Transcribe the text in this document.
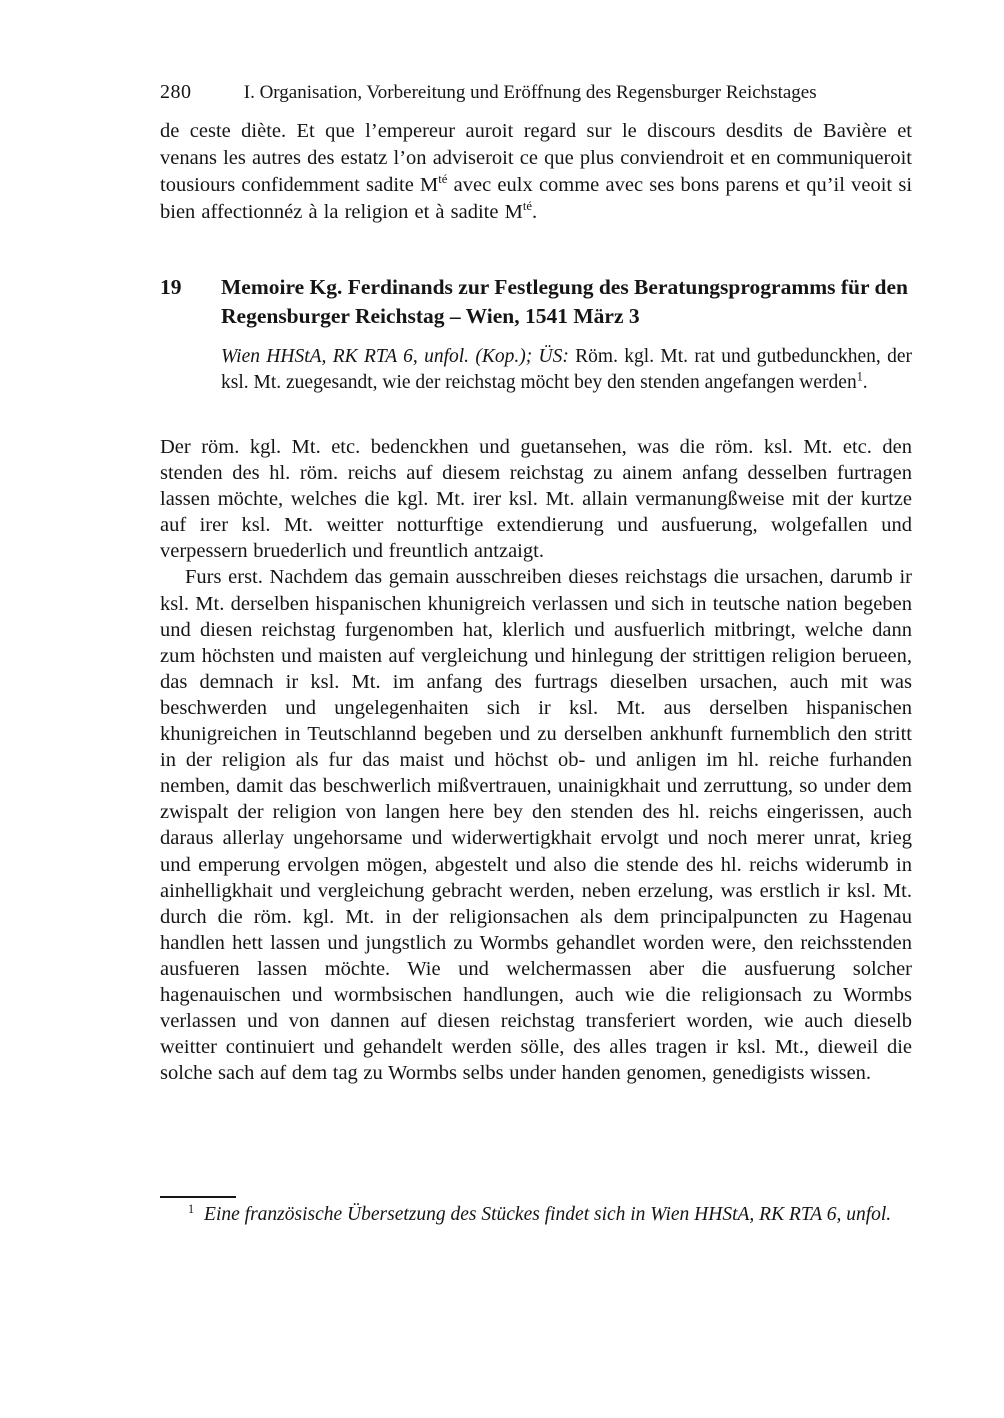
280	I. Organisation, Vorbereitung und Eröffnung des Regensburger Reichstages

de ceste diète. Et que l’empereur auroit regard sur le discours desdits de Bavière et venans les autres des estatz l’on adviseroit ce que plus conviendroit et en communiqueroit tousiours confidemment sadite $M^{té}$ avec eulx comme avec ses bons parens et qu’il veoit si bien affectionnéz à la religion et à sadite $M^{té}$.

19	Memoire Kg. Ferdinands zur Festlegung des Beratungsprogramms für den Regensburger Reichstag – Wien, 1541 März 3

Wien HHStA, RK RTA 6, unfol. (Kop.); ÜS: Röm. kgl. Mt. rat und gutbedunckhen, der ksl. Mt. zuegesandt, wie der reichstag möcht bey den stenden angefangen werden$^1$.

Der röm. kgl. Mt. etc. bedenckhen und guetansehen, was die röm. ksl. Mt. etc. den stenden des hl. röm. reichs auf diesem reichstag zu ainem anfang desselben furtragen lassen möchte, welches die kgl. Mt. irer ksl. Mt. allain vermanungßweise mit der kurtze auf irer ksl. Mt. weitter notturftige extendierung und ausfuerung, wolgefallen und verpessern bruederlich und freuntlich antzaigt.

Furs erst. Nachdem das gemain ausschreiben dieses reichstags die ursachen, darumb ir ksl. Mt. derselben hispanischen khunigreich verlassen und sich in teutsche nation begeben und diesen reichstag furgenomben hat, klerlich und ausfuerlich mitbringt, welche dann zum höchsten und maisten auf vergleichung und hinlegung der strittigen religion berueen, das demnach ir ksl. Mt. im anfang des furtrags dieselben ursachen, auch mit was beschwerden und ungelegenhaiten sich ir ksl. Mt. aus derselben hispanischen khunigreichen in Teutschlannd begeben und zu derselben ankhunft furnemblich den stritt in der religion als fur das maist und höchst ob- und anligen im hl. reiche furhanden nemben, damit das beschwerlich mißvertrauen, unainigkhait und zerruttung, so under dem zwispalt der religion von langen here bey den stenden des hl. reichs eingerissen, auch daraus allerlay ungehorsame und widerwertigkhait ervolgt und noch merer unrat, krieg und emperung ervolgen mögen, abgestelt und also die stende des hl. reichs widerumb in ainhelligkhait und vergleichung gebracht werden, neben erzelung, was erstlich ir ksl. Mt. durch die röm. kgl. Mt. in der religionsachen als dem principalpuncten zu Hagenau handlen hett lassen und jungstlich zu Wormbs gehandlet worden were, den reichsstenden ausfueren lassen möchte. Wie und welchermassen aber die ausfuerung solcher hagenauischen und wormbsischen handlungen, auch wie die religionsach zu Wormbs verlassen und von dannen auf diesen reichstag transferiert worden, wie auch dieselb weitter continuiert und gehandelt werden sölle, des alles tragen ir ksl. Mt., dieweil die solche sach auf dem tag zu Wormbs selbs under handen genomen, genedigists wissen.

$^1$ Eine französische Übersetzung des Stückes findet sich in Wien HHStA, RK RTA 6, unfol.
